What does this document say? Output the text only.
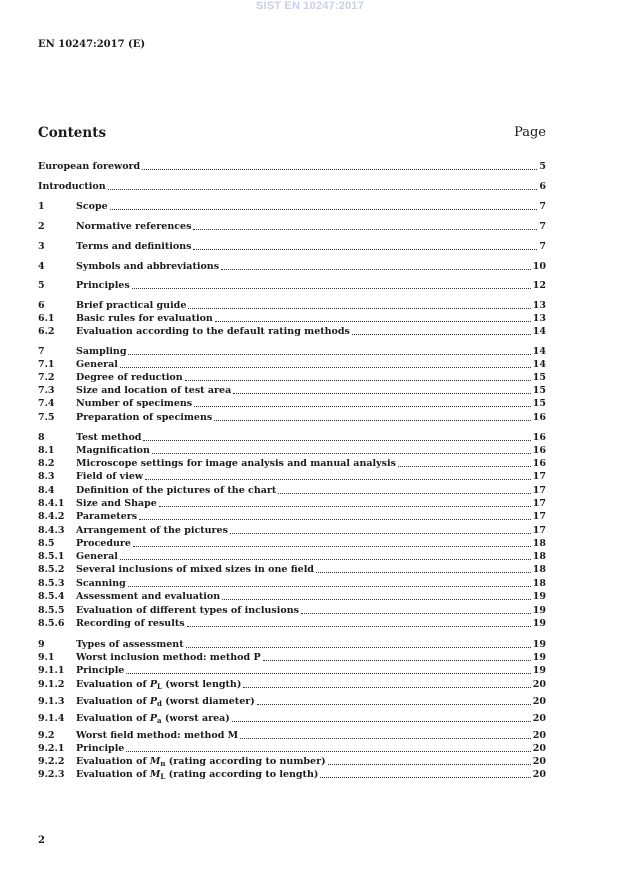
SIST EN 10247:2017
EN 10247:2017 (E)
Contents	Page
European foreword	5
Introduction	6
1	Scope	7
2	Normative references	7
3	Terms and definitions	7
4	Symbols and abbreviations	10
5	Principles	12
6	Brief practical guide	13
6.1	Basic rules for evaluation	13
6.2	Evaluation according to the default rating methods	14
7	Sampling	14
7.1	General	14
7.2	Degree of reduction	15
7.3	Size and location of test area	15
7.4	Number of specimens	15
7.5	Preparation of specimens	16
8	Test method	16
8.1	Magnification	16
8.2	Microscope settings for image analysis and manual analysis	16
8.3	Field of view	17
8.4	Definition of the pictures of the chart	17
8.4.1	Size and Shape	17
8.4.2	Parameters	17
8.4.3	Arrangement of the pictures	17
8.5	Procedure	18
8.5.1	General	18
8.5.2	Several inclusions of mixed sizes in one field	18
8.5.3	Scanning	18
8.5.4	Assessment and evaluation	19
8.5.5	Evaluation of different types of inclusions	19
8.5.6	Recording of results	19
9	Types of assessment	19
9.1	Worst inclusion method: method P	19
9.1.1	Principle	19
9.1.2	Evaluation of $P_L$ (worst length)	20
9.1.3	Evaluation of $P_d$ (worst diameter)	20
9.1.4	Evaluation of $P_a$ (worst area)	20
9.2	Worst field method: method M	20
9.2.1	Principle	20
9.2.2	Evaluation of $M_n$ (rating according to number)	20
9.2.3	Evaluation of $M_L$ (rating according to length)	20
2
